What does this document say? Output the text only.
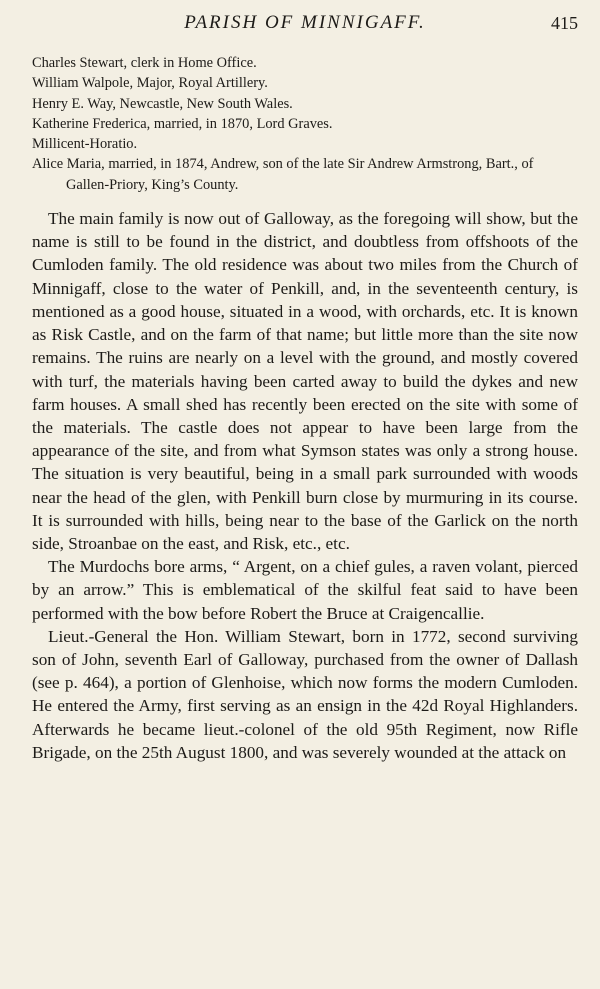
PARISH OF MINNIGAFF.	415
Charles Stewart, clerk in Home Office.
William Walpole, Major, Royal Artillery.
Henry E. Way, Newcastle, New South Wales.
Katherine Frederica, married, in 1870, Lord Graves.
Millicent-Horatio.
Alice Maria, married, in 1874, Andrew, son of the late Sir Andrew Armstrong, Bart., of Gallen-Priory, King’s County.

The main family is now out of Galloway, as the foregoing will show, but the name is still to be found in the district, and doubtless from offshoots of the Cumloden family. The old residence was about two miles from the Church of Minnigaff, close to the water of Penkill, and, in the seventeenth century, is mentioned as a good house, situated in a wood, with orchards, etc. It is known as Risk Castle, and on the farm of that name; but little more than the site now remains. The ruins are nearly on a level with the ground, and mostly covered with turf, the materials having been carted away to build the dykes and new farm houses. A small shed has recently been erected on the site with some of the materials. The castle does not appear to have been large from the appearance of the site, and from what Symson states was only a strong house. The situation is very beautiful, being in a small park surrounded with woods near the head of the glen, with Penkill burn close by murmuring in its course. It is surrounded with hills, being near to the base of the Garlick on the north side, Stroanbae on the east, and Risk, etc., etc.

The Murdochs bore arms, “ Argent, on a chief gules, a raven volant, pierced by an arrow.” This is emblematical of the skilful feat said to have been performed with the bow before Robert the Bruce at Craigencallie.

Lieut.-General the Hon. William Stewart, born in 1772, second surviving son of John, seventh Earl of Galloway, purchased from the owner of Dallash (see p. 464), a portion of Glenhoise, which now forms the modern Cumloden. He entered the Army, first serving as an ensign in the 42d Royal Highlanders. Afterwards he became lieut.-colonel of the old 95th Regiment, now Rifle Brigade, on the 25th August 1800, and was severely wounded at the attack on
